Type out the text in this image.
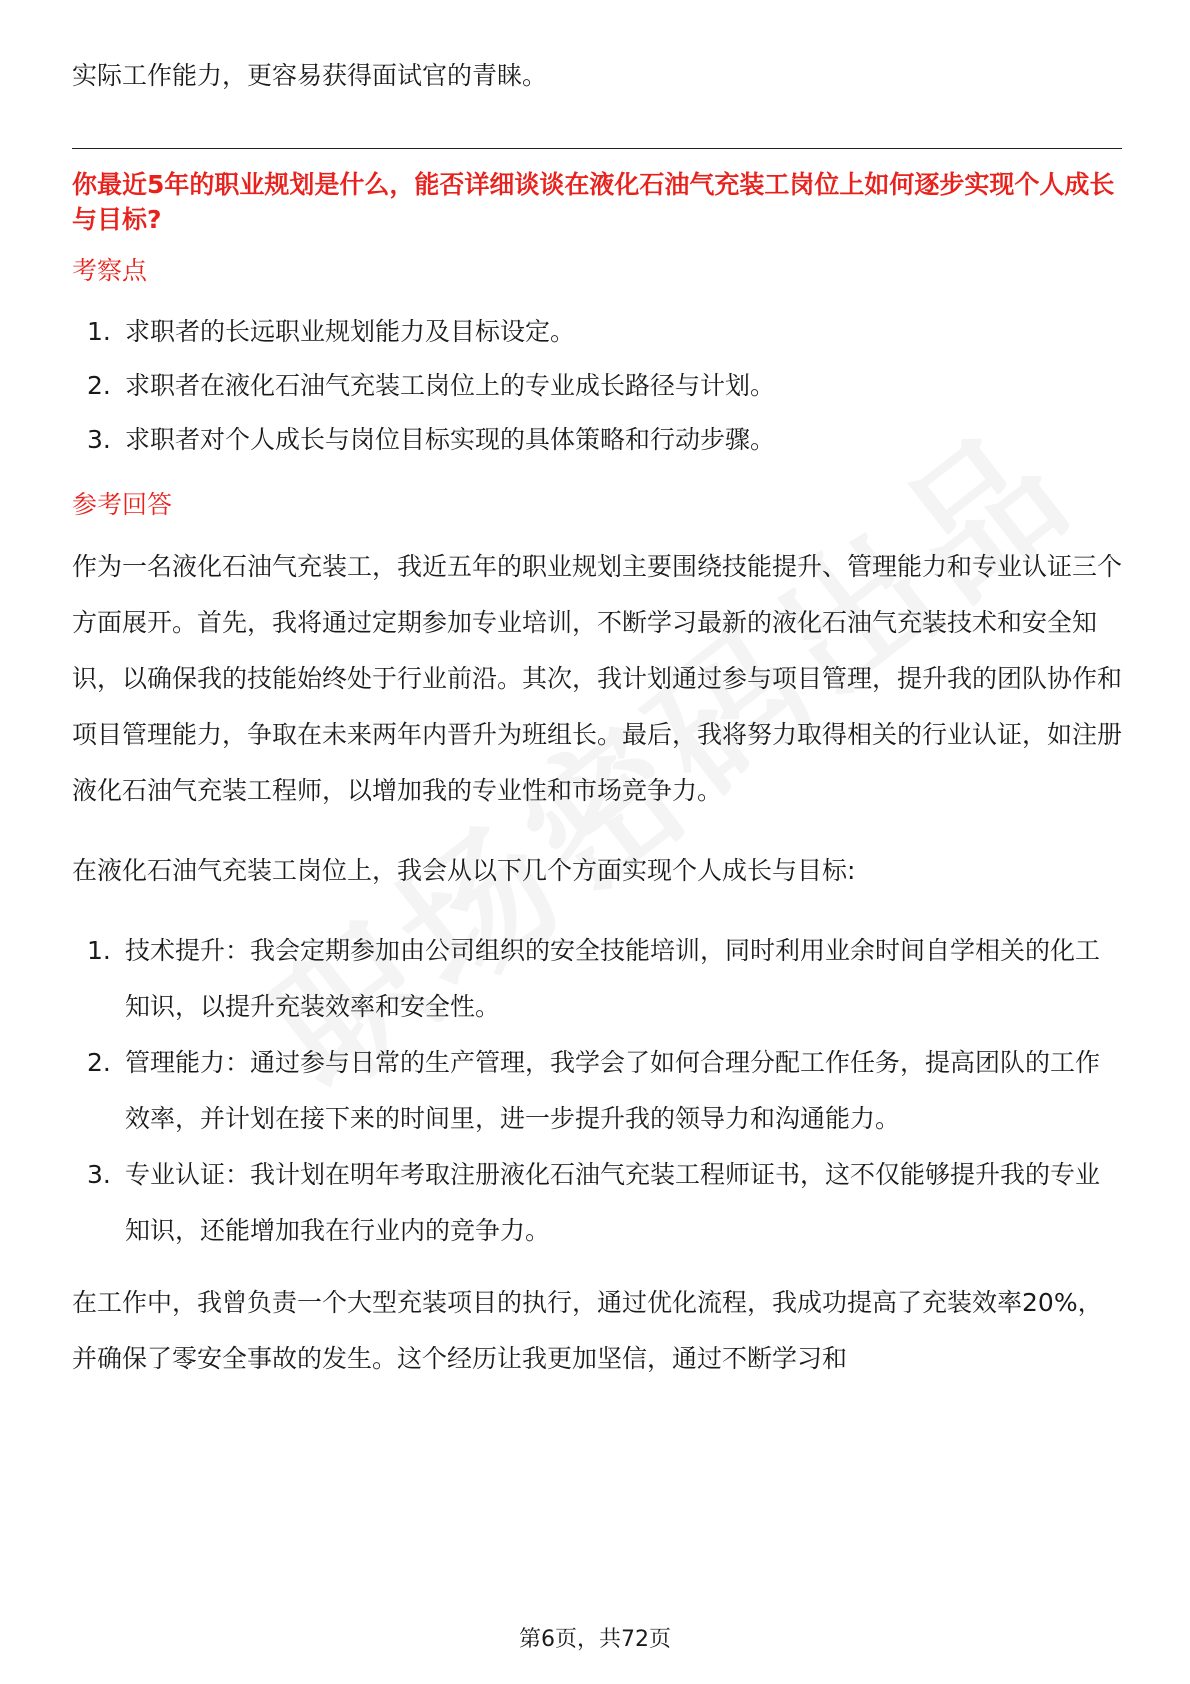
实际工作能力，更容易获得面试官的青睐。

你最近5年的职业规划是什么，能否详细谈谈在液化石油气充装工岗位上如何逐步实现个人成长与目标?

考察点

1. 求职者的长远职业规划能力及目标设定。
2. 求职者在液化石油气充装工岗位上的专业成长路径与计划。
3. 求职者对个人成长与岗位目标实现的具体策略和行动步骤。

参考回答

作为一名液化石油气充装工，我近五年的职业规划主要围绕技能提升、管理能力和专业认证三个方面展开。首先，我将通过定期参加专业培训，不断学习最新的液化石油气充装技术和安全知识，以确保我的技能始终处于行业前沿。其次，我计划通过参与项目管理，提升我的团队协作和项目管理能力，争取在未来两年内晋升为班组长。最后，我将努力取得相关的行业认证，如注册液化石油气充装工程师，以增加我的专业性和市场竞争力。

在液化石油气充装工岗位上，我会从以下几个方面实现个人成长与目标:

1. 技术提升：我会定期参加由公司组织的安全技能培训，同时利用业余时间自学相关的化工知识，以提升充装效率和安全性。
2. 管理能力：通过参与日常的生产管理，我学会了如何合理分配工作任务，提高团队的工作效率，并计划在接下来的时间里，进一步提升我的领导力和沟通能力。
3. 专业认证：我计划在明年考取注册液化石油气充装工程师证书，这不仅能够提升我的专业知识，还能增加我在行业内的竞争力。

在工作中，我曾负责一个大型充装项目的执行，通过优化流程，我成功提高了充装效率20%，并确保了零安全事故的发生。这个经历让我更加坚信，通过不断学习和

第6页，共72页
